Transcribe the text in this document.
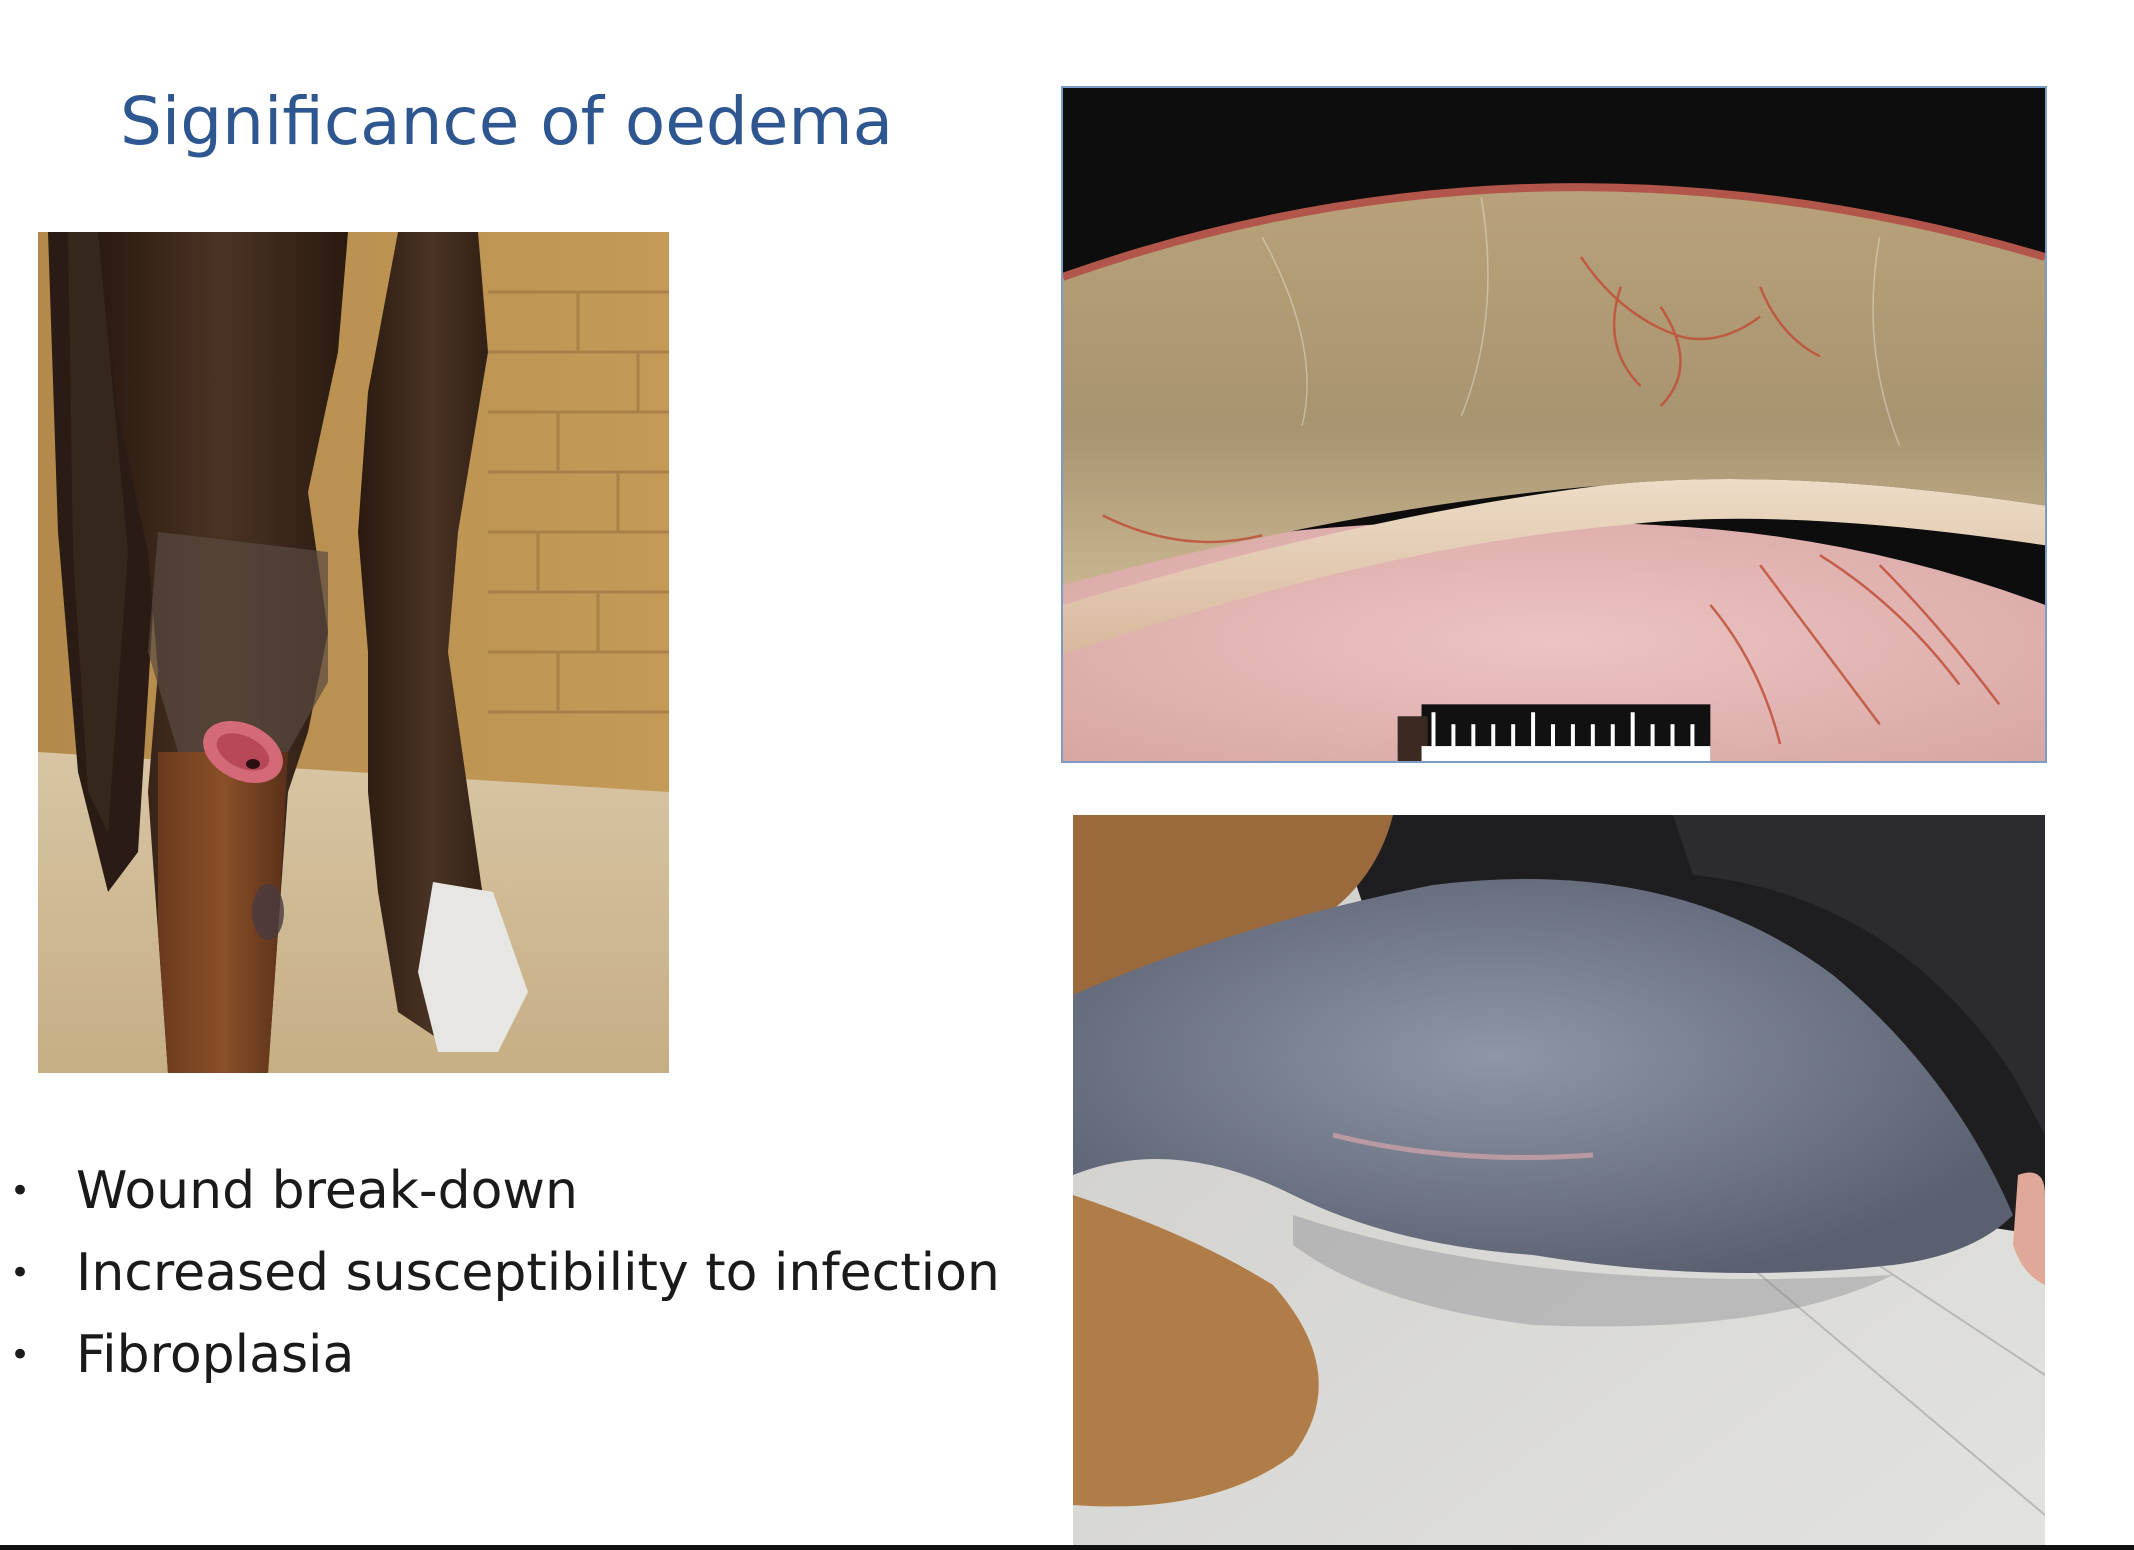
Significance of oedema
• Wound break-down
• Increased susceptibility to infection
• Fibroplasia
